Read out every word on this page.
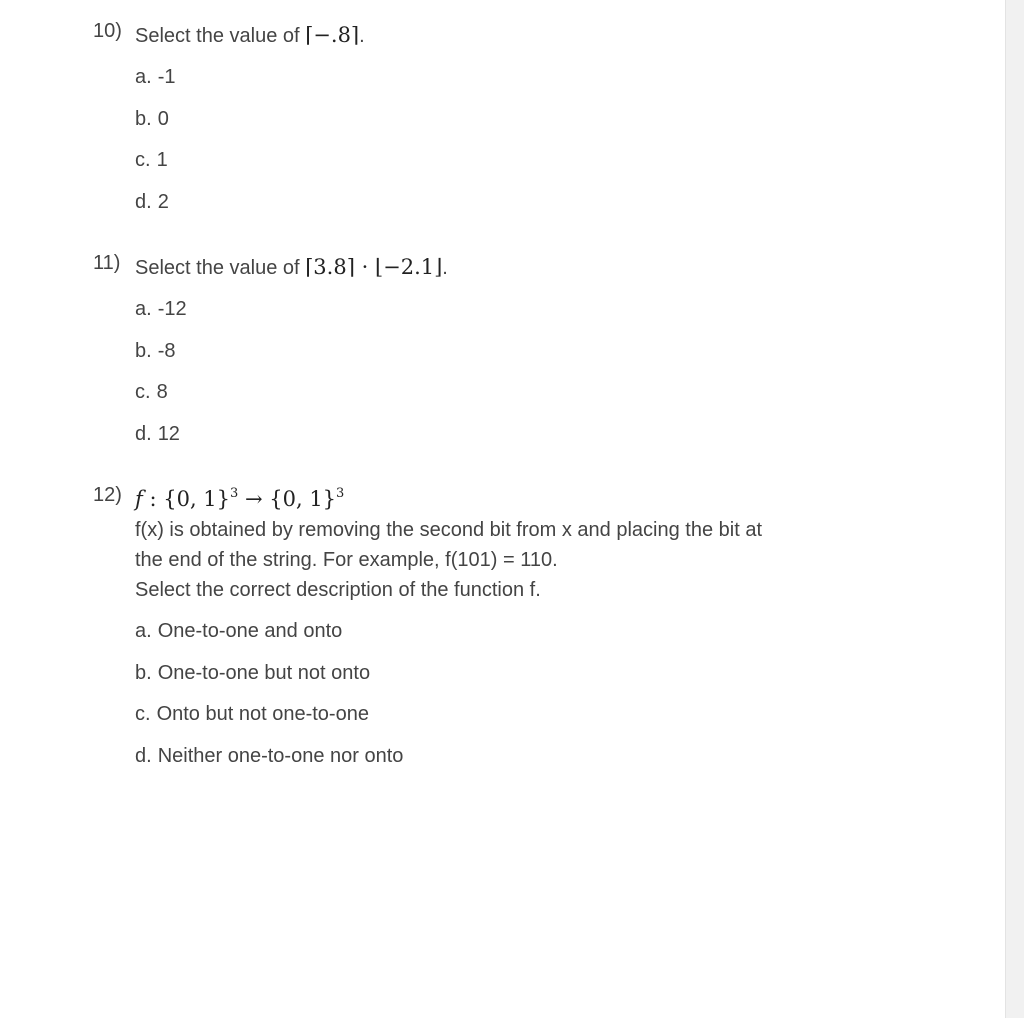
10) Select the value of ⌈−.8⌉.
a. -1
b. 0
c. 1
d. 2
11) Select the value of ⌈3.8⌉ · ⌊−2.1⌋.
a. -12
b. -8
c. 8
d. 12
12) f : {0, 1}$^3$ → {0, 1}$^3$
f(x) is obtained by removing the second bit from x and placing the bit at
the end of the string. For example, f(101) = 110.
Select the correct description of the function f.
a. One-to-one and onto
b. One-to-one but not onto
c. Onto but not one-to-one
d. Neither one-to-one nor onto
